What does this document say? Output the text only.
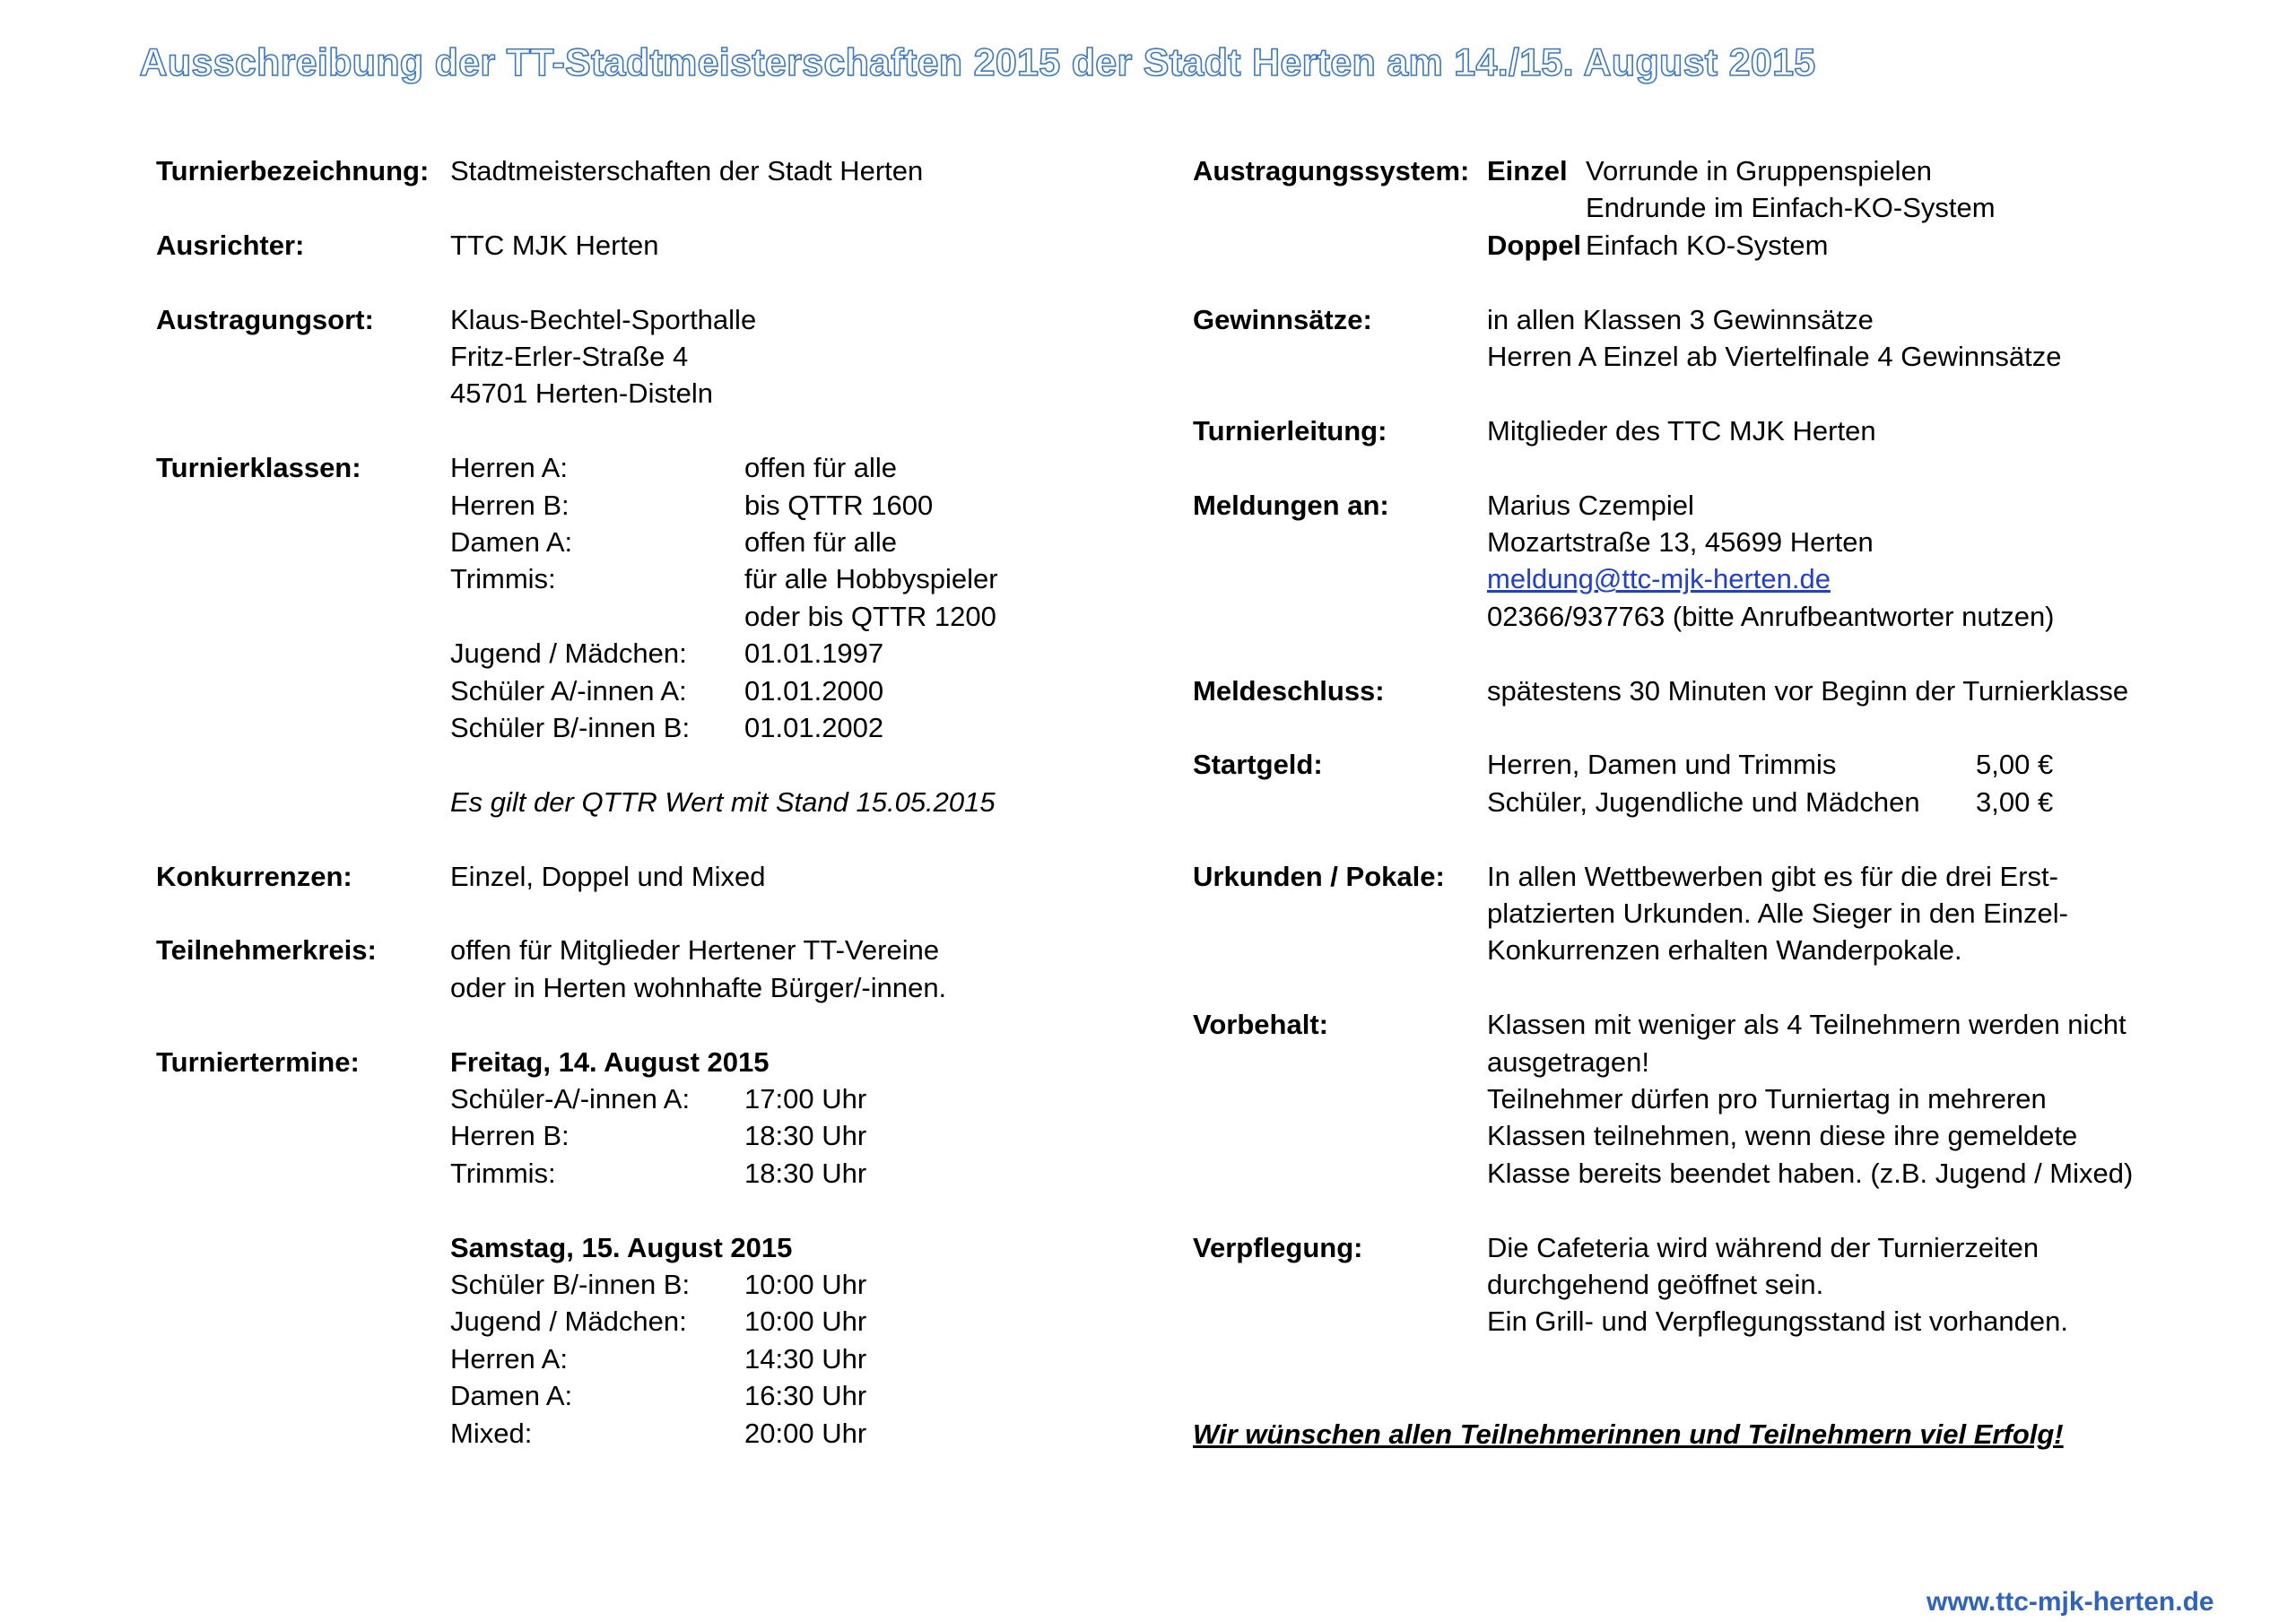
Ausschreibung der TT-Stadtmeisterschaften 2015 der Stadt Herten am 14./15. August 2015
Turnierbezeichnung: Stadtmeisterschaften der Stadt Herten
Ausrichter:	TTC MJK Herten
Austragungsort:	Klaus-Bechtel-Sporthalle
Fritz-Erler-Straße 4
45701 Herten-Disteln
Turnierklassen:	Herren A:	offen für alle
Herren B:	bis QTTR 1600
Damen A:	offen für alle
Trimmis:	für alle Hobbyspieler
oder bis QTTR 1200
Jugend / Mädchen:	01.01.1997
Schüler A/-innen A:	01.01.2000
Schüler B/-innen B:	01.01.2002
Es gilt der QTTR Wert mit Stand 15.05.2015
Konkurrenzen:	Einzel, Doppel und Mixed
Teilnehmerkreis:	offen für Mitglieder Hertener TT-Vereine
oder in Herten wohnhafte Bürger/-innen.
Turniertermine:	Freitag, 14. August 2015
Schüler-A/-innen A:	17:00 Uhr
Herren B:	18:30 Uhr
Trimmis:	18:30 Uhr
Samstag, 15. August 2015
Schüler B/-innen B:	10:00 Uhr
Jugend / Mädchen:	10:00 Uhr
Herren A:	14:30 Uhr
Damen A:	16:30 Uhr
Mixed:	20:00 Uhr
Austragungssystem: Einzel Vorrunde in Gruppenspielen
Endrunde im Einfach-KO-System
Doppel Einfach KO-System
Gewinnsätze:	in allen Klassen 3 Gewinnsätze
Herren A Einzel ab Viertelfinale 4 Gewinnsätze
Turnierleitung:	Mitglieder des TTC MJK Herten
Meldungen an:	Marius Czempiel
Mozartstraße 13, 45699 Herten
meldung@ttc-mjk-herten.de
02366/937763 (bitte Anrufbeantworter nutzen)
Meldeschluss:	spätestens 30 Minuten vor Beginn der Turnierklasse
Startgeld:	Herren, Damen und Trimmis	5,00 €
Schüler, Jugendliche und Mädchen	3,00 €
Urkunden / Pokale:	In allen Wettbewerben gibt es für die drei Erst-
platzierten Urkunden. Alle Sieger in den Einzel-
Konkurrenzen erhalten Wanderpokale.
Vorbehalt:	Klassen mit weniger als 4 Teilnehmern werden nicht
ausgetragen!
Teilnehmer dürfen pro Turniertag in mehreren
Klassen teilnehmen, wenn diese ihre gemeldete
Klasse bereits beendet haben. (z.B. Jugend / Mixed)
Verpflegung:	Die Cafeteria wird während der Turnierzeiten
durchgehend geöffnet sein.
Ein Grill- und Verpflegungsstand ist vorhanden.
Wir wünschen allen Teilnehmerinnen und Teilnehmern viel Erfolg!
www.ttc-mjk-herten.de
